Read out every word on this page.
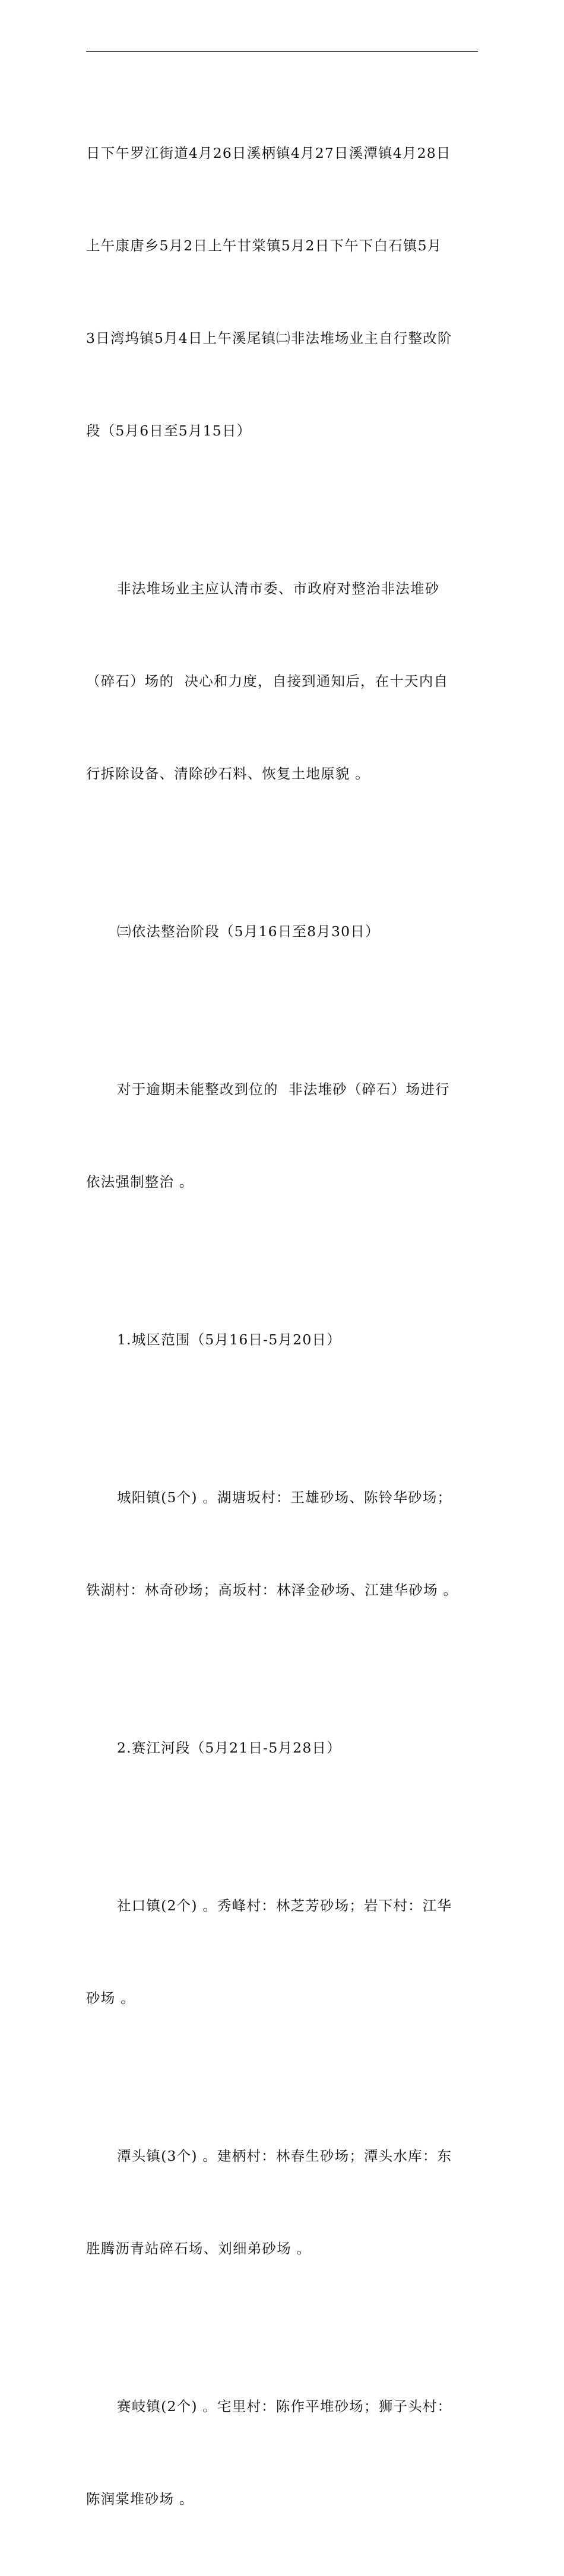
日下午罗江街道4月26日溪柄镇4月27日溪潭镇4月28日

上午康唐乡5月2日上午甘棠镇5月2日下午下白石镇5月

3日湾坞镇5月4日上午溪尾镇㈡非法堆场业主自行整改阶

段（5月6日至5月15日）

非法堆场业主应认清市委、市政府对整治非法堆砂

（碎石）场的  决心和力度，自接到通知后，在十天内自

行拆除设备、清除砂石料、恢复土地原貌 。

㈢依法整治阶段（5月16日至8月30日）

对于逾期未能整改到位的  非法堆砂（碎石）场进行

依法强制整治 。

1.城区范围（5月16日-5月20日）

城阳镇(5个) 。湖塘坂村：王雄砂场、陈铃华砂场；

铁湖村：林奇砂场；高坂村：林泽金砂场、江建华砂场 。

2.赛江河段（5月21日-5月28日）

社口镇(2个) 。秀峰村：林芝芳砂场；岩下村：江华

砂场 。

潭头镇(3个) 。建柄村：林春生砂场；潭头水库：东

胜腾沥青站碎石场、刘细弟砂场 。

赛岐镇(2个) 。宅里村：陈作平堆砂场；狮子头村：

陈润棠堆砂场 。
